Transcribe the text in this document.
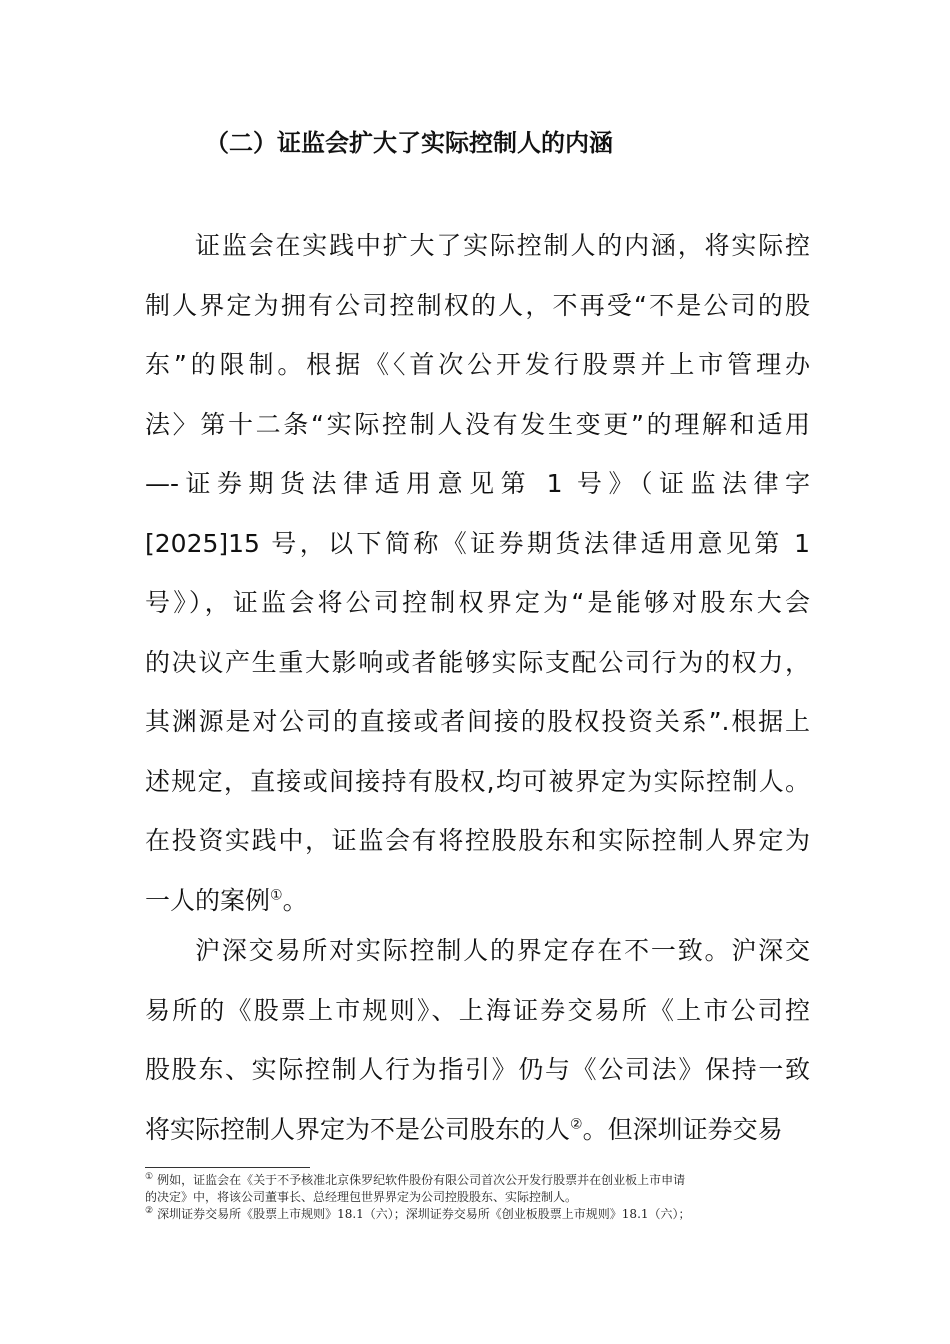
（二）证监会扩大了实际控制人的内涵
证监会在实践中扩大了实际控制人的内涵，将实际控
制人界定为拥有公司控制权的人，不再受“不是公司的股
东”的限制。根据《〈首次公开发行股票并上市管理办
法〉第十二条“实际控制人没有发生变更”的理解和适用
—-证券期货法律适用意见第 1 号》（证监法律字
[2025]15 号，以下简称《证券期货法律适用意见第 1
号》），证监会将公司控制权界定为“是能够对股东大会
的决议产生重大影响或者能够实际支配公司行为的权力，
其渊源是对公司的直接或者间接的股权投资关系”.根据上
述规定，直接或间接持有股权,均可被界定为实际控制人。
在投资实践中，证监会有将控股股东和实际控制人界定为
一人的案例①。
沪深交易所对实际控制人的界定存在不一致。沪深交
易所的《股票上市规则》、上海证券交易所《上市公司控
股股东、实际控制人行为指引》仍与《公司法》保持一致
将实际控制人界定为不是公司股东的人②。但深圳证券交易
① 例如，证监会在《关于不予核准北京侏罗纪软件股份有限公司首次公开发行股票并在创业板上市申请
的决定》中，将该公司董事长、总经理包世界界定为公司控股股东、实际控制人。
② 深圳证券交易所《股票上市规则》18.1（六）；深圳证券交易所《创业板股票上市规则》18.1（六）；
